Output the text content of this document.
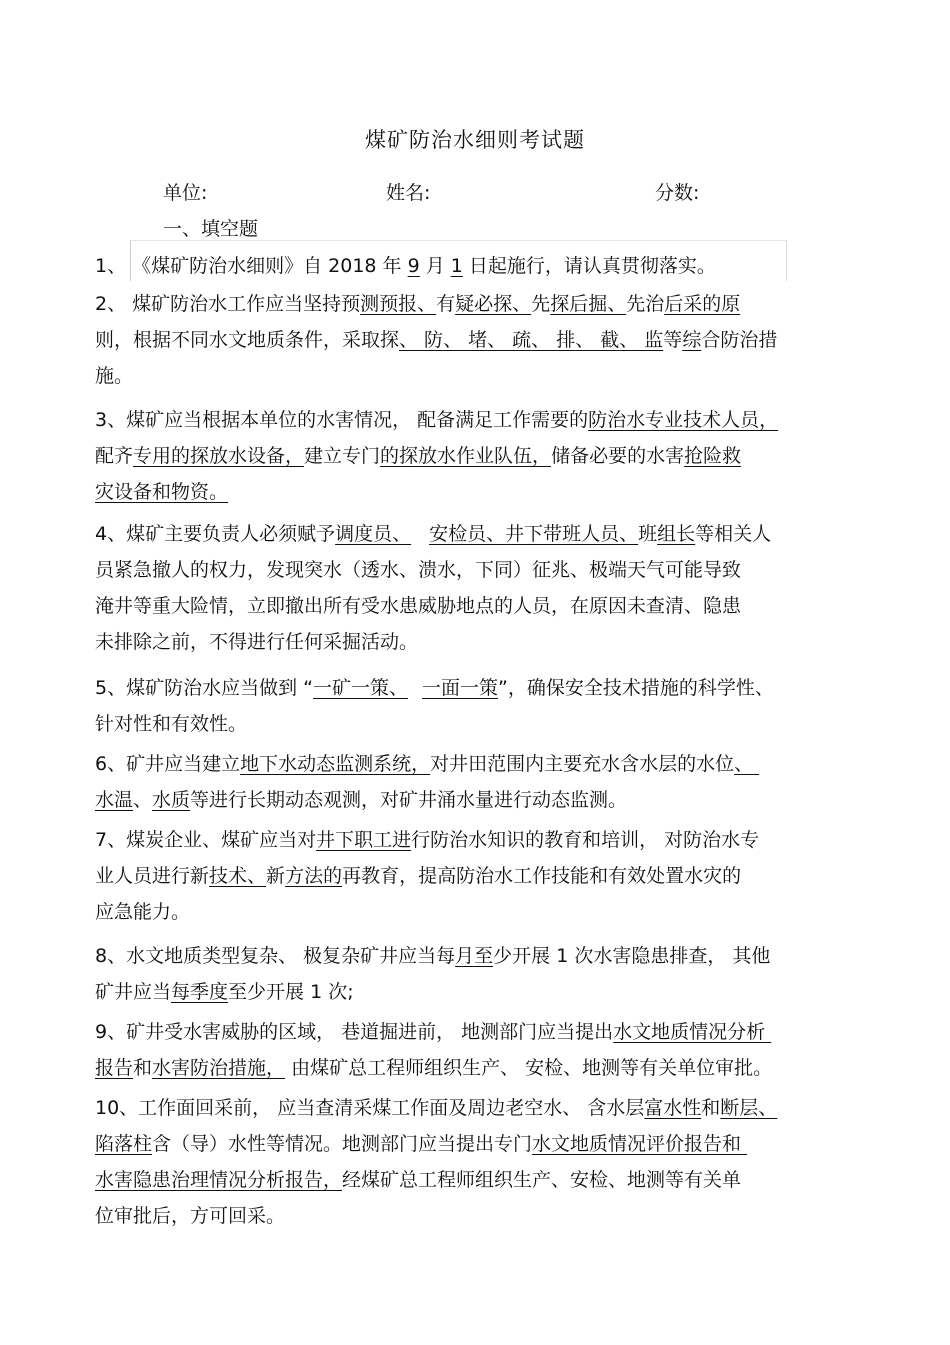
煤矿防治水细则考试题
单位:	姓名:	分数:
一、填空题
1、 《煤矿防治水细则》自 2018 年 9 月 1 日起施行，请认真贯彻落实。
2、 煤矿防治水工作应当坚持预测预报、有疑必探、先探后掘、先治后采的原
则，根据不同水文地质条件，采取探、 防、 堵、 疏、 排、 截、 监等综合防治措
施。
3、煤矿应当根据本单位的水害情况， 配备满足工作需要的防治水专业技术人员，
配齐专用的探放水设备，建立专门的探放水作业队伍，储备必要的水害抢险救
灾设备和物资。
4、煤矿主要负责人必须赋予调度员、 安检员、井下带班人员、班组长等相关人
员紧急撤人的权力，发现突水（透水、溃水，下同）征兆、极端天气可能导致
淹井等重大险情，立即撤出所有受水患威胁地点的人员，在原因未查清、隐患
未排除之前，不得进行任何采掘活动。
5、煤矿防治水应当做到 “一矿一策、 一面一策”，确保安全技术措施的科学性、
针对性和有效性。
6、矿井应当建立地下水动态监测系统，对井田范围内主要充水含水层的水位、
水温、水质等进行长期动态观测，对矿井涌水量进行动态监测。
7、煤炭企业、煤矿应当对井下职工进行防治水知识的教育和培训， 对防治水专
业人员进行新技术、新方法的再教育，提高防治水工作技能和有效处置水灾的
应急能力。
8、水文地质类型复杂、 极复杂矿井应当每月至少开展 1 次水害隐患排查， 其他
矿井应当每季度至少开展 1 次;
9、矿井受水害威胁的区域， 巷道掘进前， 地测部门应当提出水文地质情况分析
报告和水害防治措施， 由煤矿总工程师组织生产、 安检、地测等有关单位审批。
10、工作面回采前， 应当查清采煤工作面及周边老空水、 含水层富水性和断层、
陷落柱含（导）水性等情况。地测部门应当提出专门水文地质情况评价报告和
水害隐患治理情况分析报告，经煤矿总工程师组织生产、安检、地测等有关单
位审批后，方可回采。
